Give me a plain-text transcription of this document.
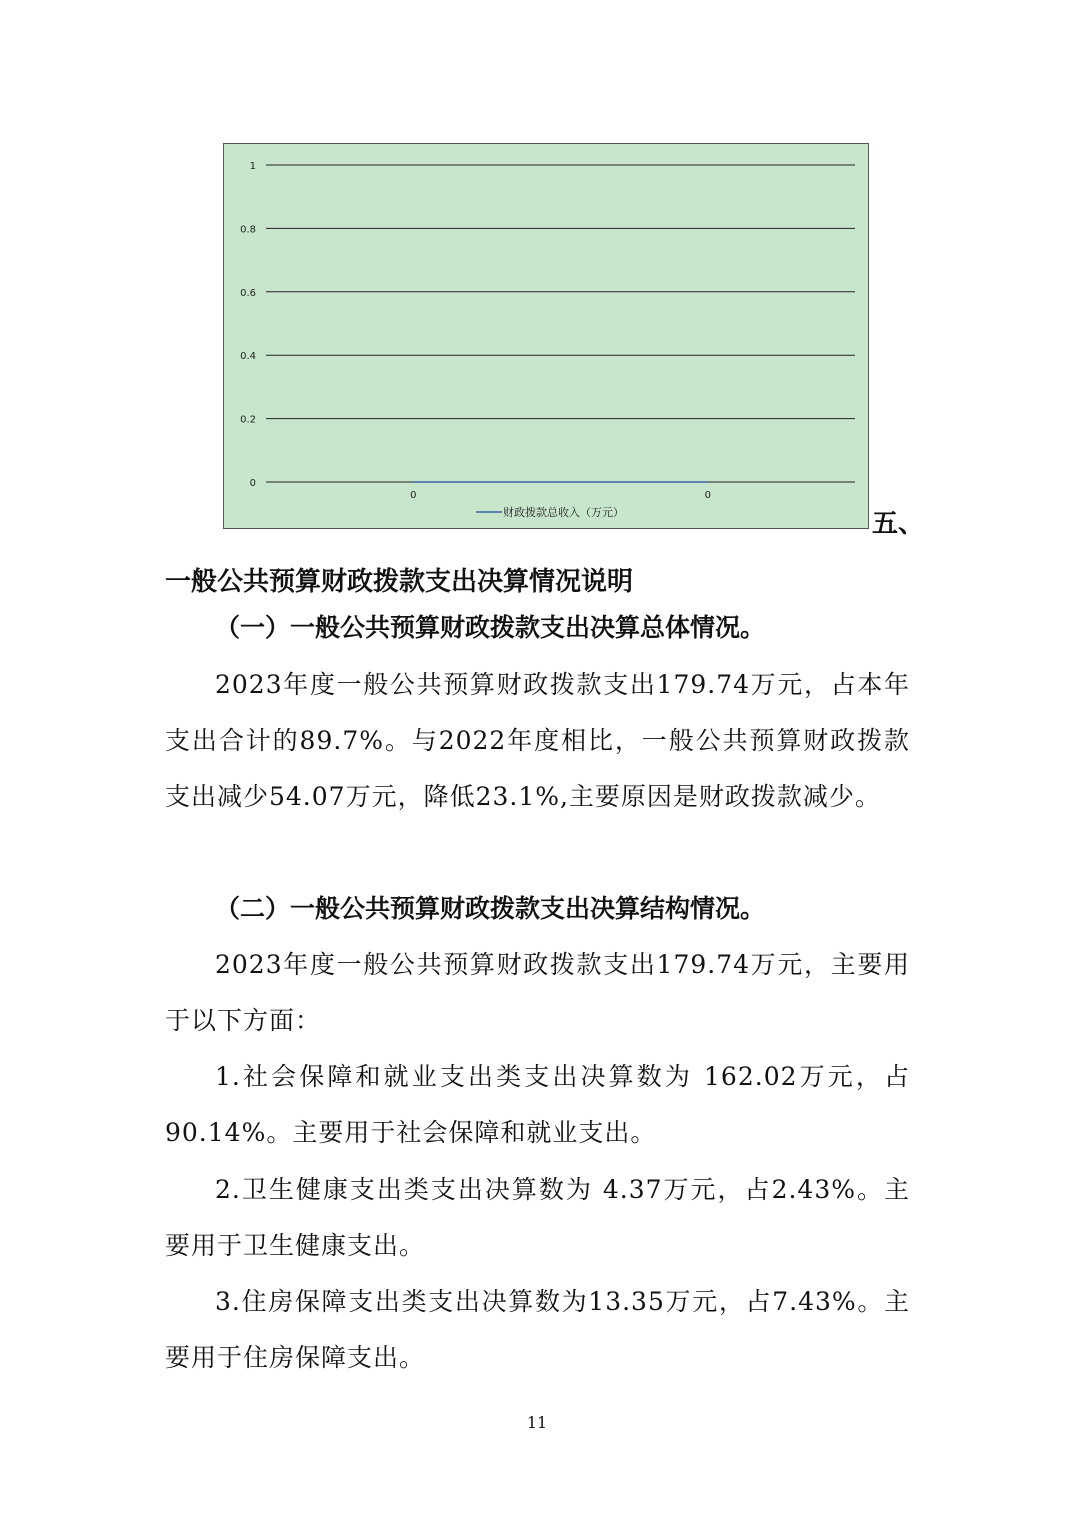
0
0.2
0.4
0.6
0.8
1
0	0
财政拨款总收入（万元）	五、
一般公共预算财政拨款支出决算情况说明
（一）一般公共预算财政拨款支出决算总体情况。
2023年度一般公共预算财政拨款支出179.74万元，占本年支出合计的89.7%。与2022年度相比，一般公共预算财政拨款支出减少54.07万元，降低23.1%,主要原因是财政拨款减少。
（二）一般公共预算财政拨款支出决算结构情况。
2023年度一般公共预算财政拨款支出179.74万元，主要用于以下方面：
1.社会保障和就业支出类支出决算数为 162.02万元，占90.14%。主要用于社会保障和就业支出。
2.卫生健康支出类支出决算数为 4.37万元，占2.43%。主要用于卫生健康支出。
3.住房保障支出类支出决算数为13.35万元，占7.43%。主要用于住房保障支出。
11
